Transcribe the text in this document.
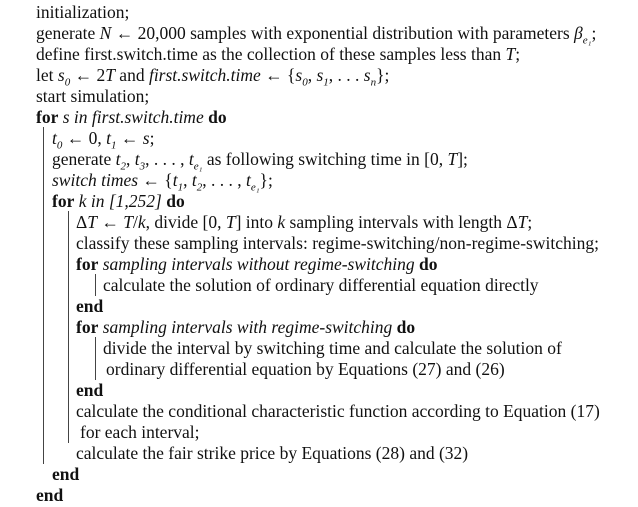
initialization;
generate N ← 20,000 samples with exponential distribution with parameters $\beta_{e_1}$;
define first.switch.time as the collection of these samples less than T;
let $s_0$ ← 2T and first.switch.time ← {$s_0$, $s_1$, . . . $s_n$};
start simulation;
for s in first.switch.time do
$t_0$ ← 0, $t_1$ ← s;
generate $t_2$, $t_3$, . . . , $t_{e_1}$ as following switching time in [0, T];
switch times ← {$t_1$, $t_2$, . . . , $t_{e_1}$};
for k in [1,252] do
ΔT ← T/k, divide [0, T] into k sampling intervals with length ΔT;
classify these sampling intervals: regime-switching/non-regime-switching;
for sampling intervals without regime-switching do
calculate the solution of ordinary differential equation directly
end
for sampling intervals with regime-switching do
divide the interval by switching time and calculate the solution of
ordinary differential equation by Equations (27) and (26)
end
calculate the conditional characteristic function according to Equation (17)
for each interval;
calculate the fair strike price by Equations (28) and (32)
end
end
